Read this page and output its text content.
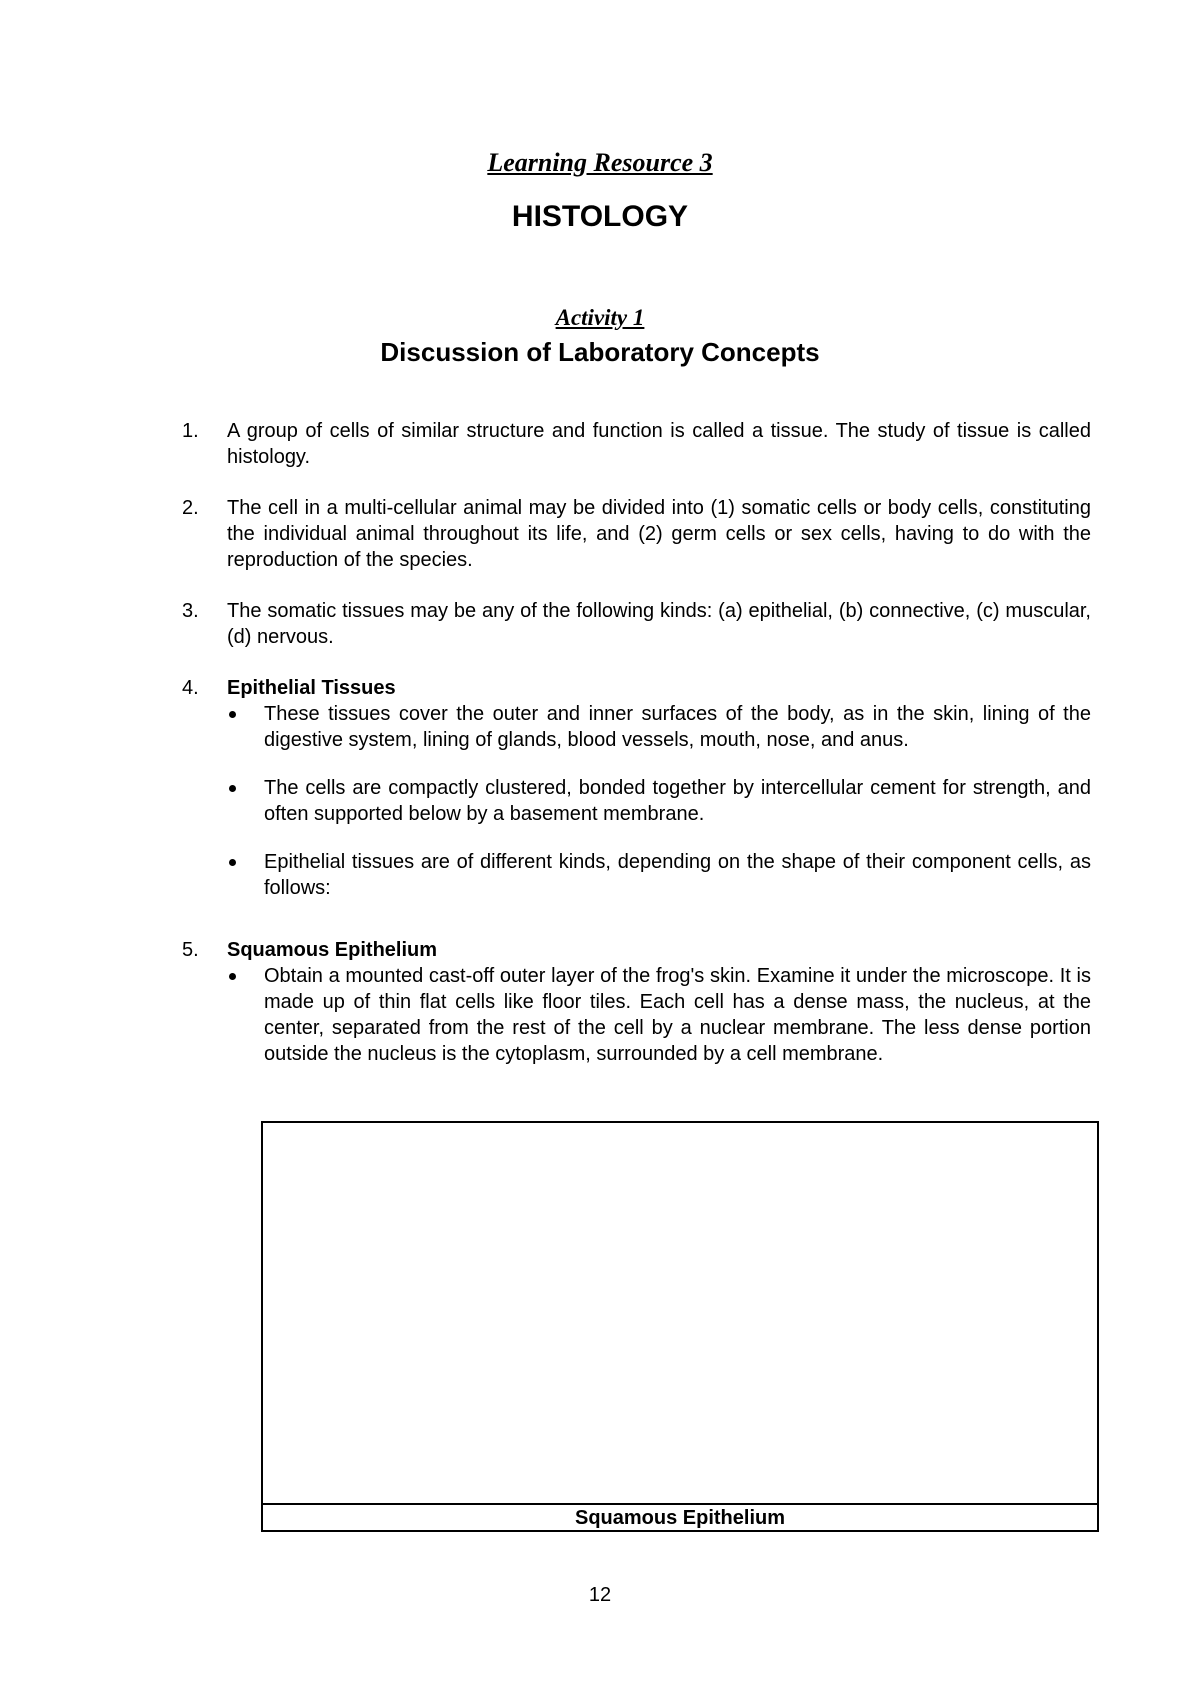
Learning Resource 3
HISTOLOGY
Activity 1
Discussion of Laboratory Concepts
1.	A group of cells of similar structure and function is called a tissue. The study of tissue is called histology.
2.	The cell in a multi-cellular animal may be divided into (1) somatic cells or body cells, constituting the individual animal throughout its life, and (2) germ cells or sex cells, having to do with the reproduction of the species.
3.	The somatic tissues may be any of the following kinds: (a) epithelial, (b) connective, (c) muscular, (d) nervous.
4.	Epithelial Tissues
These tissues cover the outer and inner surfaces of the body, as in the skin, lining of the digestive system, lining of glands, blood vessels, mouth, nose, and anus.
The cells are compactly clustered, bonded together by intercellular cement for strength, and often supported below by a basement membrane.
Epithelial tissues are of different kinds, depending on the shape of their component cells, as follows:
5.	Squamous Epithelium
Obtain a mounted cast-off outer layer of the frog's skin. Examine it under the microscope. It is made up of thin flat cells like floor tiles. Each cell has a dense mass, the nucleus, at the center, separated from the rest of the cell by a nuclear membrane. The less dense portion outside the nucleus is the cytoplasm, surrounded by a cell membrane.
Squamous Epithelium
12
